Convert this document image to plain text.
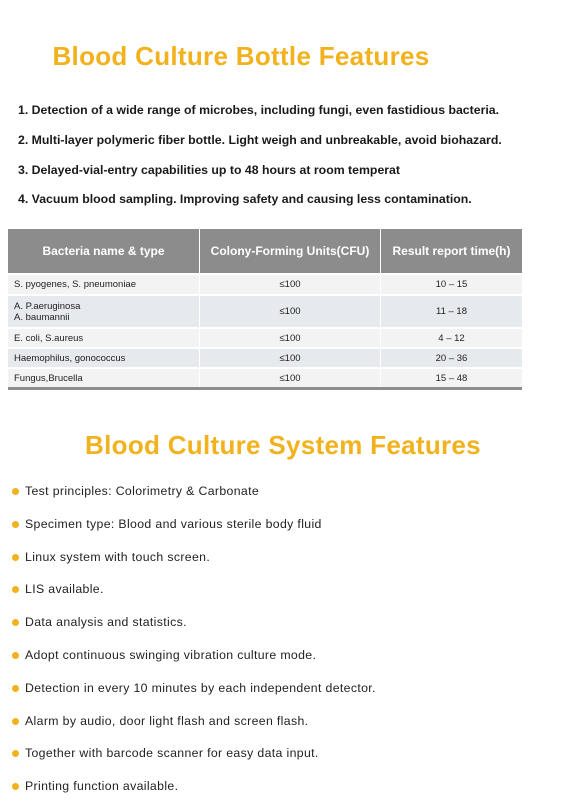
Blood Culture Bottle Features
1. Detection of a wide range of microbes, including fungi, even fastidious bacteria.
2. Multi-layer polymeric fiber bottle. Light weigh and unbreakable, avoid biohazard.
3. Delayed-vial-entry capabilities up to 48 hours at room temperat
4. Vacuum blood sampling. Improving safety and causing less contamination.
Bacteria name & type	Colony-Forming Units(CFU)	Result report time(h)
S. pyogenes, S. pneumoniae	≤100	10 – 15

A. P.aeruginosa
A. baumannii	≤100	11 – 18
E. coli, S.aureus	≤100	4 – 12
Haemophilus, gonococcus	≤100	20 – 36
Fungus,Brucella	≤100	15 – 48
Blood Culture System Features
Test principles: Colorimetry & Carbonate
Specimen type: Blood and various sterile body fluid
Linux system with touch screen.
LIS available.
Data analysis and statistics.
Adopt continuous swinging vibration culture mode.
Detection in every 10 minutes by each independent detector.
Alarm by audio, door light flash and screen flash.
Together with barcode scanner for easy data input.
Printing function available.
